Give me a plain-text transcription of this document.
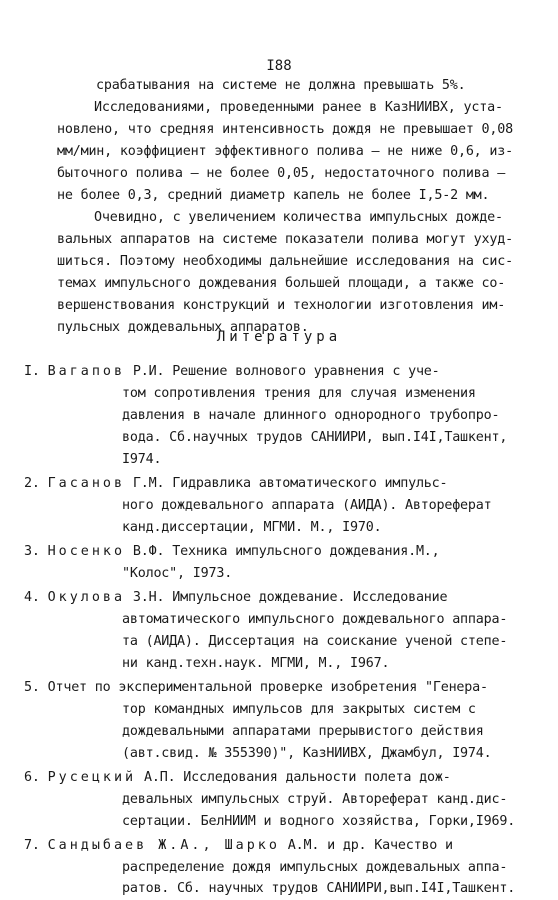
I88
срабатывания на системе не должна превышать 5%.
Исследованиями, проведенными ранее в КазНИИВХ, уста-
новлено, что средняя интенсивность дождя не превышает 0,08
мм/мин, коэффициент эффективного полива – не ниже 0,6, из-
быточного полива – не более 0,05, недостаточного полива –
не более 0,3, средний диаметр капель не более I,5-2 мм.
Очевидно, с увеличением количества импульсных дожде-
вальных аппаратов на системе показатели полива могут ухуд-
шиться. Поэтому необходимы дальнейшие исследования на сис-
темах импульсного дождевания большей площади, а также со-
вершенствования конструкций и технологии изготовления им-
пульсных дождевальных аппаратов.
Литература
I. Вагапов Р.И. Решение волнового уравнения с уче-
том сопротивления трения для случая изменения
давления в начале длинного однородного трубопро-
вода. Сб.научных трудов САНИИРИ, вып.I4I,Ташкент,
I974.
2. Гасанов Г.М. Гидравлика автоматического импульс-
ного дождевального аппарата (АИДА). Автореферат
канд.диссертации, МГМИ. М., I970.
3. Носенко В.Ф. Техника импульсного дождевания.М.,
"Колос", I973.
4. Окулова З.Н. Импульсное дождевание. Исследование
автоматического импульсного дождевального аппара-
та (АИДА). Диссертация на соискание ученой степе-
ни канд.техн.наук. МГМИ, М., I967.
5. Отчет по экспериментальной проверке изобретения "Генера-
тор командных импульсов для закрытых систем с
дождевальными аппаратами прерывистого действия
(авт.свид. № 355390)", КазНИИВХ, Джамбул, I974.
6. Русецкий А.П. Исследования дальности полета дож-
девальных импульсных струй. Автореферат канд.дис-
сертации. БелНИИМ и водного хозяйства, Горки,I969.
7. Сандыбаев Ж.А., Шарко А.М. и др. Качество и
распределение дождя импульсных дождевальных аппа-
ратов. Сб. научных трудов САНИИРИ,вып.I4I,Ташкент.
